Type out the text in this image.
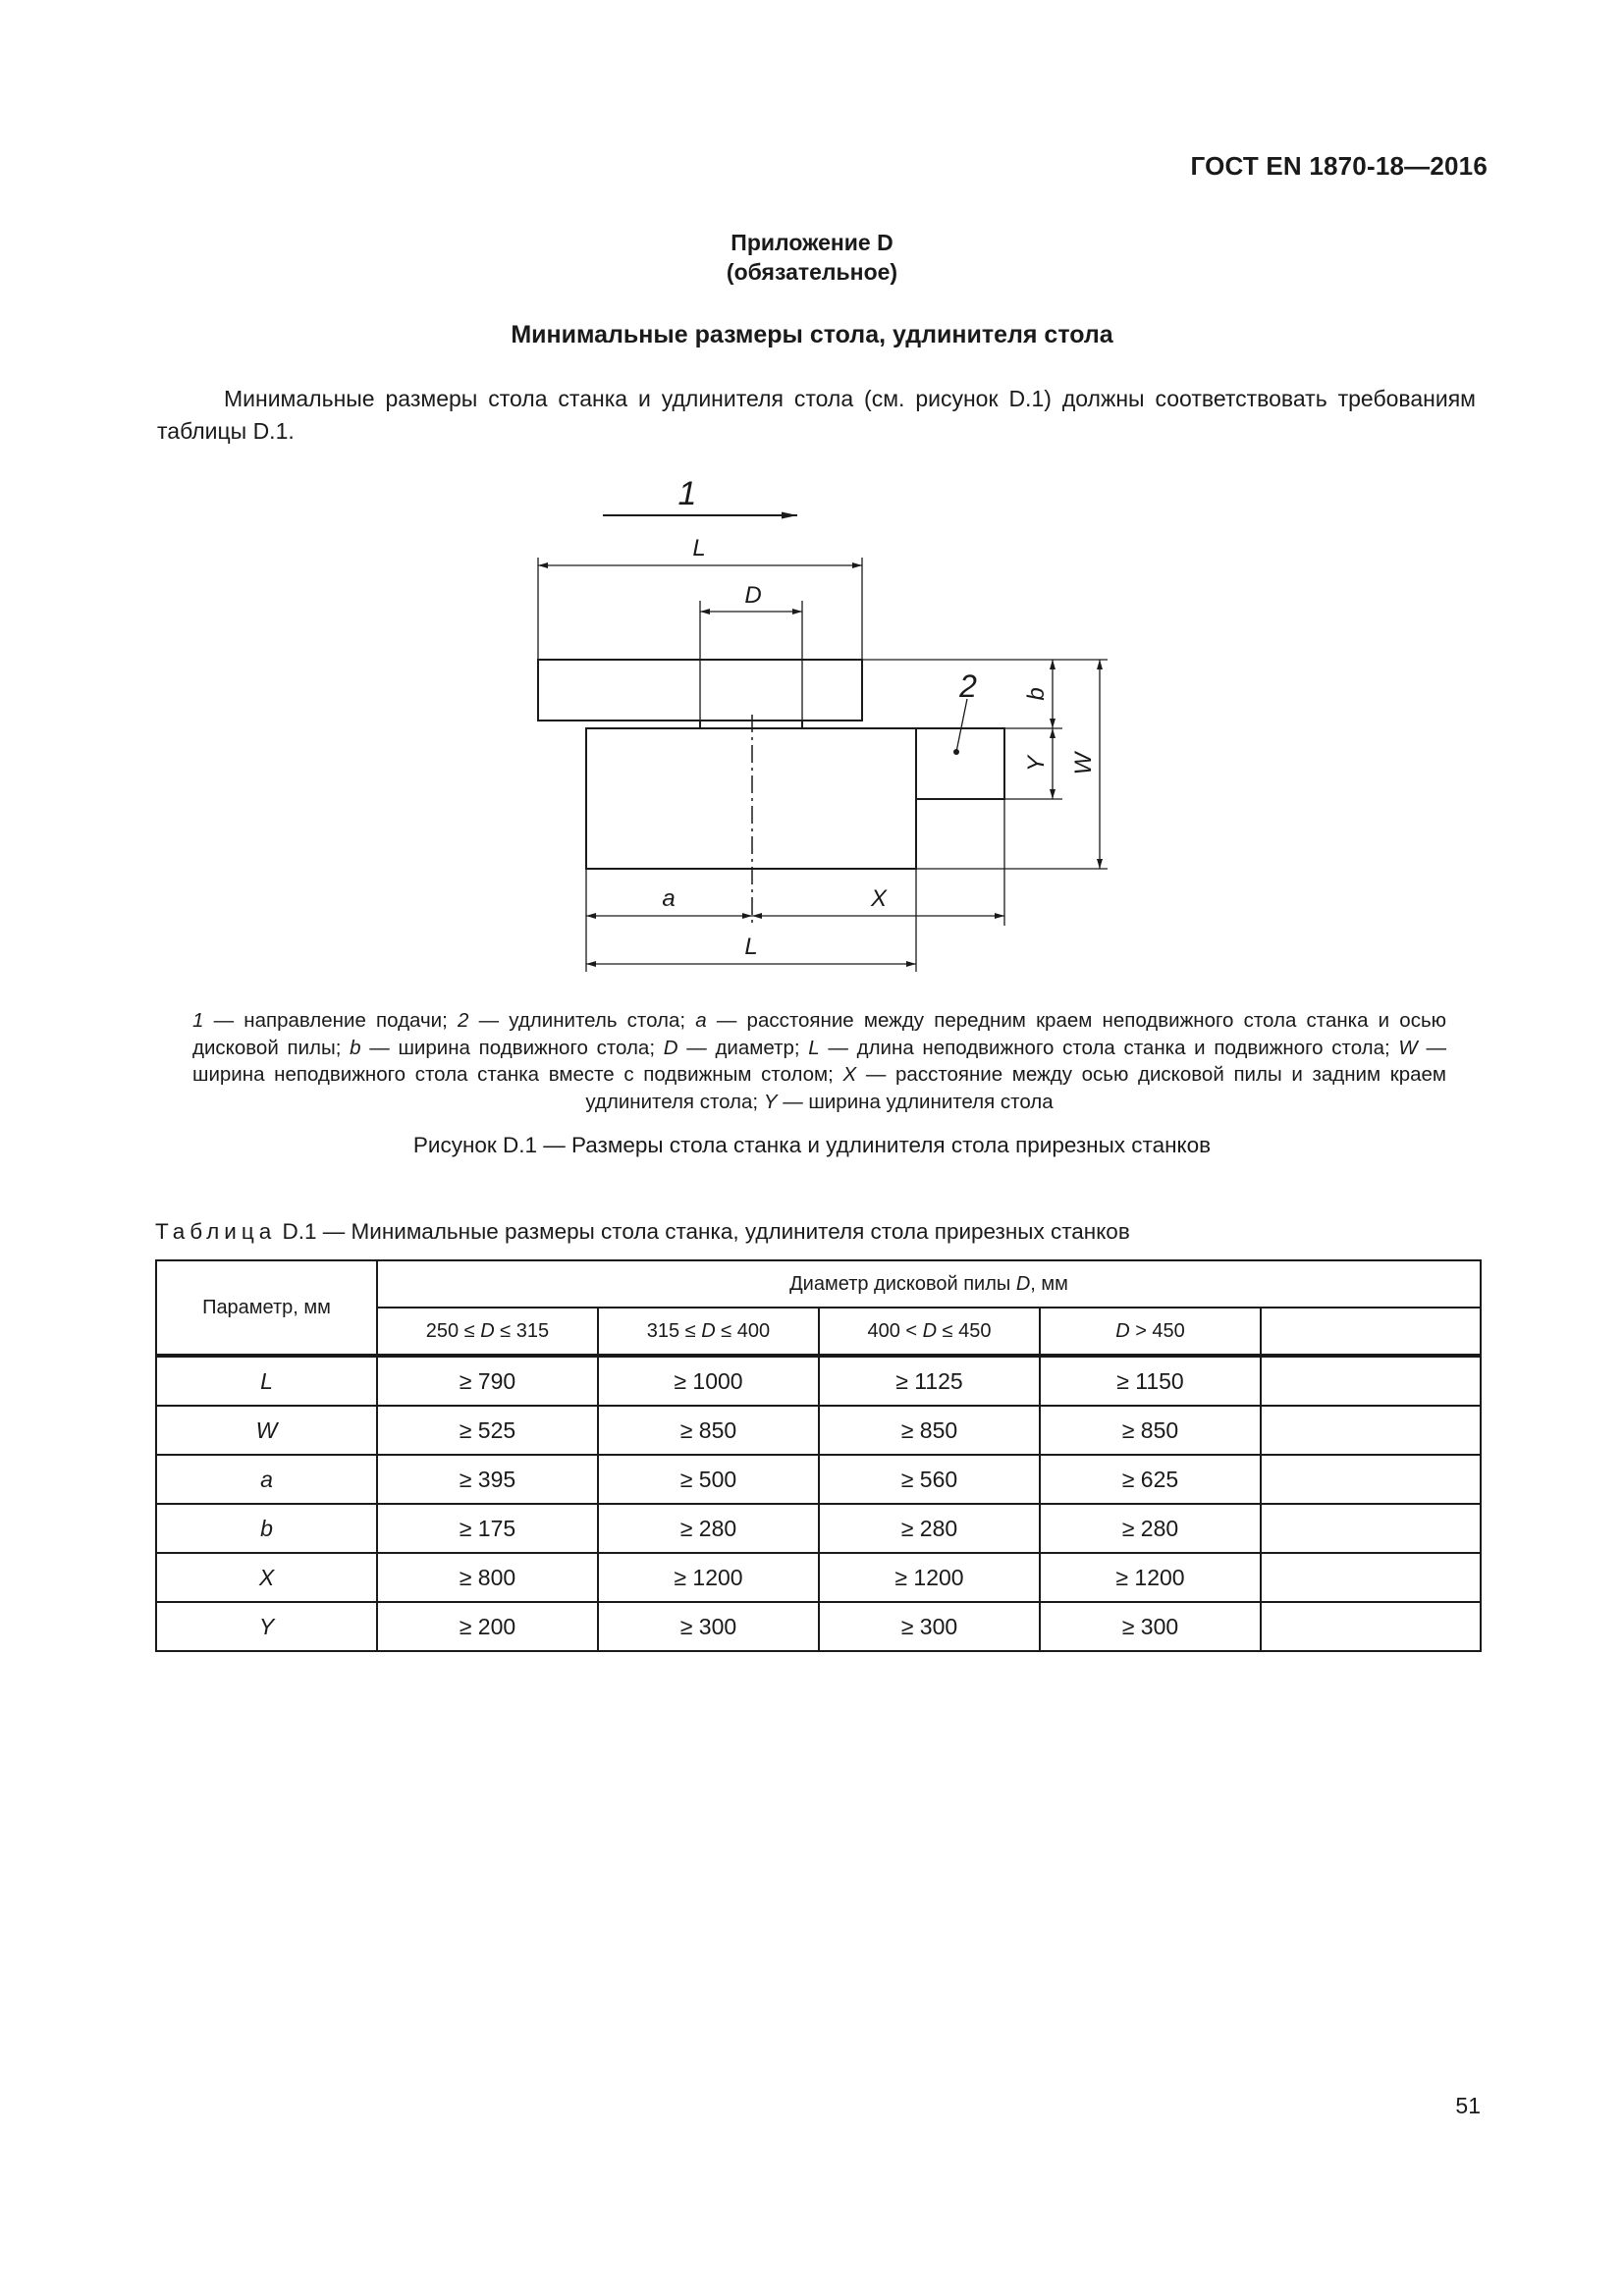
ГОСТ EN 1870-18—2016
Приложение D
(обязательное)
Минимальные размеры стола, удлинителя стола
Минимальные размеры стола станка и удлинителя стола (см. рисунок D.1) должны соответствовать требованиям таблицы D.1.
1
L
D
2 b
Y W
a	X
L
1 — направление подачи; 2 — удлинитель стола; a — расстояние между передним краем неподвижного стола станка и осью дисковой пилы; b — ширина подвижного стола; D — диаметр; L — длина неподвижного стола станка и подвижного стола; W — ширина неподвижного стола станка вместе с подвижным столом; X — расстояние между осью дисковой пилы и задним краем удлинителя стола; Y — ширина удлинителя стола
Рисунок D.1 — Размеры стола станка и удлинителя стола прирезных станков
Таблица D.1 — Минимальные размеры стола станка, удлинителя стола прирезных станков
Параметр, мм	Диаметр дисковой пилы D, мм				
	250 ≤ D ≤ 315	315 ≤ D ≤ 400	400 < D ≤ 450	D > 450	
L	≥ 790	≥ 1000	≥ 1125	≥ 1150	
W	≥ 525	≥ 850	≥ 850	≥ 850	
a	≥ 395	≥ 500	≥ 560	≥ 625	
b	≥ 175	≥ 280	≥ 280	≥ 280	
X	≥ 800	≥ 1200	≥ 1200	≥ 1200	
Y	≥ 200	≥ 300	≥ 300	≥ 300	
51
